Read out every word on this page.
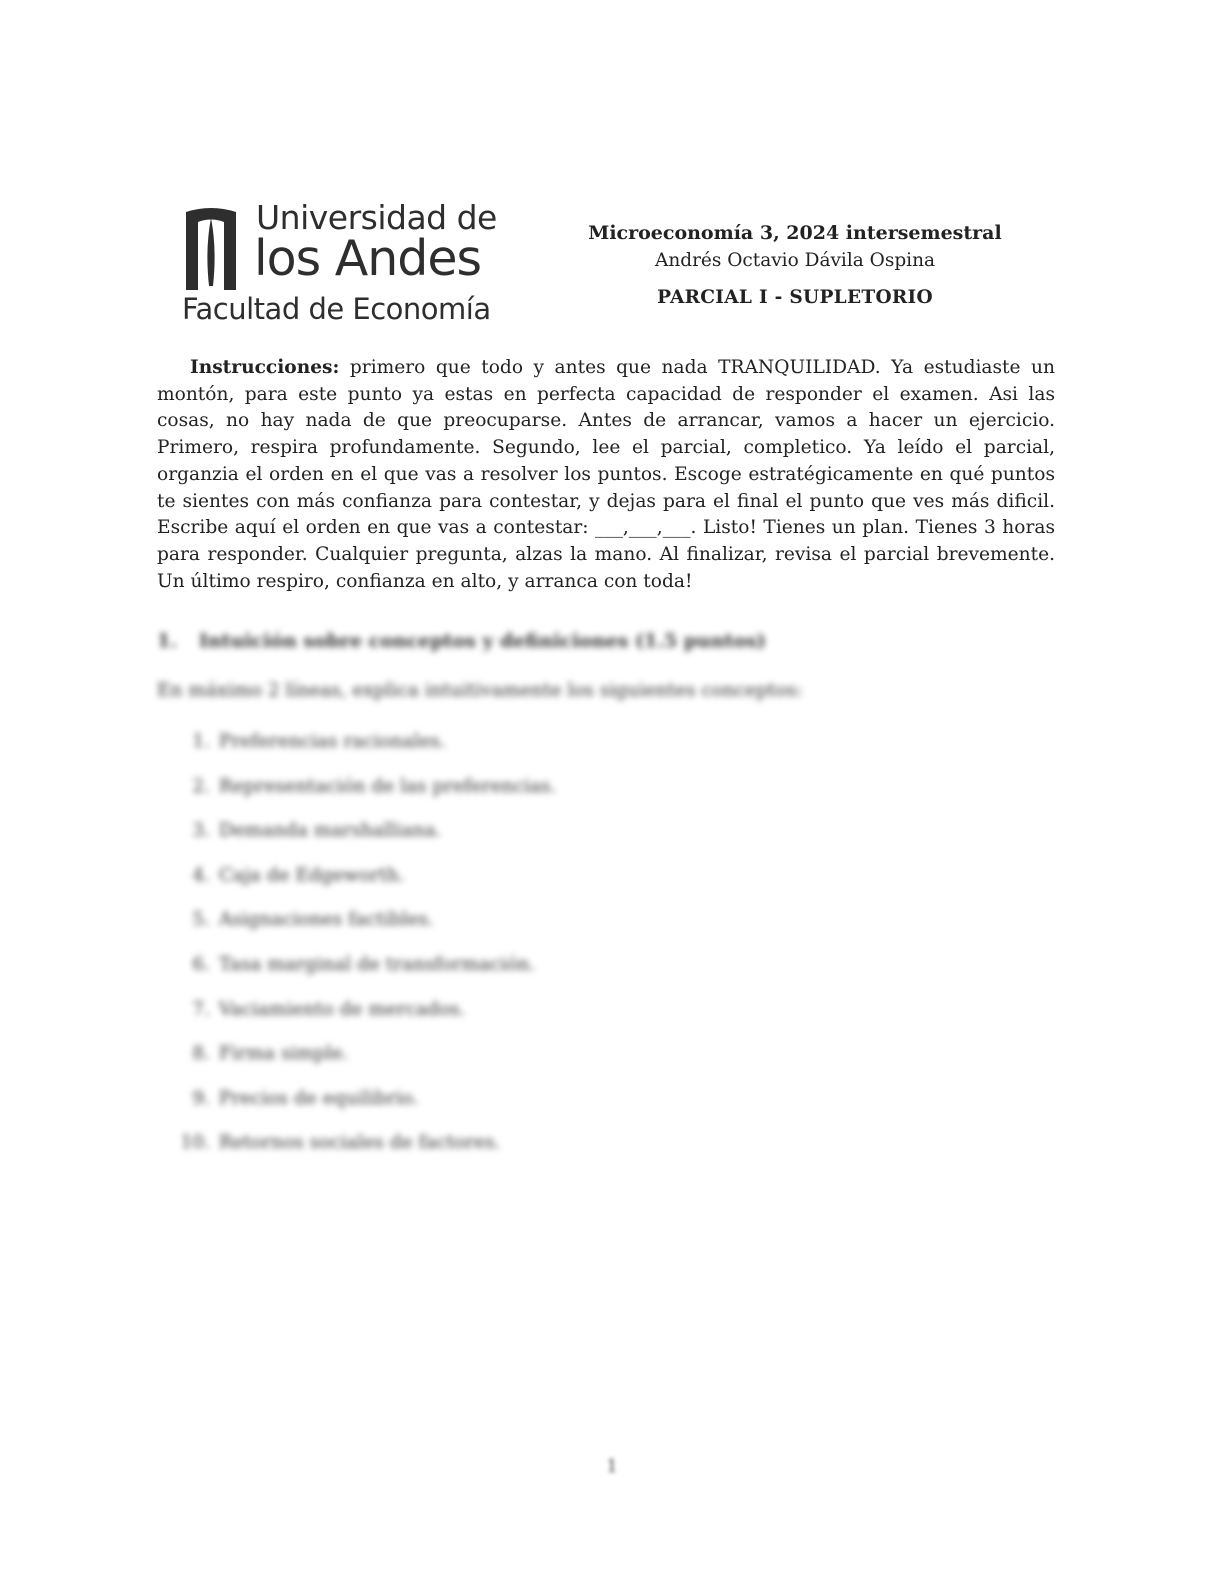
Universidad de
los Andes
Facultad de Economía
Microeconomía 3, 2024 intersemestral
Andrés Octavio Dávila Ospina
PARCIAL I - SUPLETORIO

Instrucciones: primero que todo y antes que nada TRANQUILIDAD. Ya estudiaste un montón, para este punto ya estas en perfecta capacidad de responder el examen. Asi las cosas, no hay nada de que preocuparse. Antes de arrancar, vamos a hacer un ejercicio. Primero, respira profundamente. Segundo, lee el parcial, completico. Ya leído el parcial, organzia el orden en el que vas a resolver los puntos. Escoge estratégicamente en qué puntos te sientes con más confianza para contestar, y dejas para el final el punto que ves más dificil. Escribe aquí el orden en que vas a contestar: ___,___,___. Listo! Tienes un plan. Tienes 3 horas para responder. Cualquier pregunta, alzas la mano. Al finalizar, revisa el parcial brevemente. Un último respiro, confianza en alto, y arranca con toda!

1. Intuición sobre conceptos y definiciones (1.5 puntos)
En máximo 2 líneas, explica intuitivamente los siguientes conceptos:
1. Preferencias racionales.
2. Representación de las preferencias.
3. Demanda marshalliana.
4. Caja de Edgeworth.
5. Asignaciones factibles.
6. Tasa marginal de transformación.
7. Vaciamiento de mercados.
8. Firma simple.
9. Precios de equilibrio.
10. Retornos sociales de factores.
1
